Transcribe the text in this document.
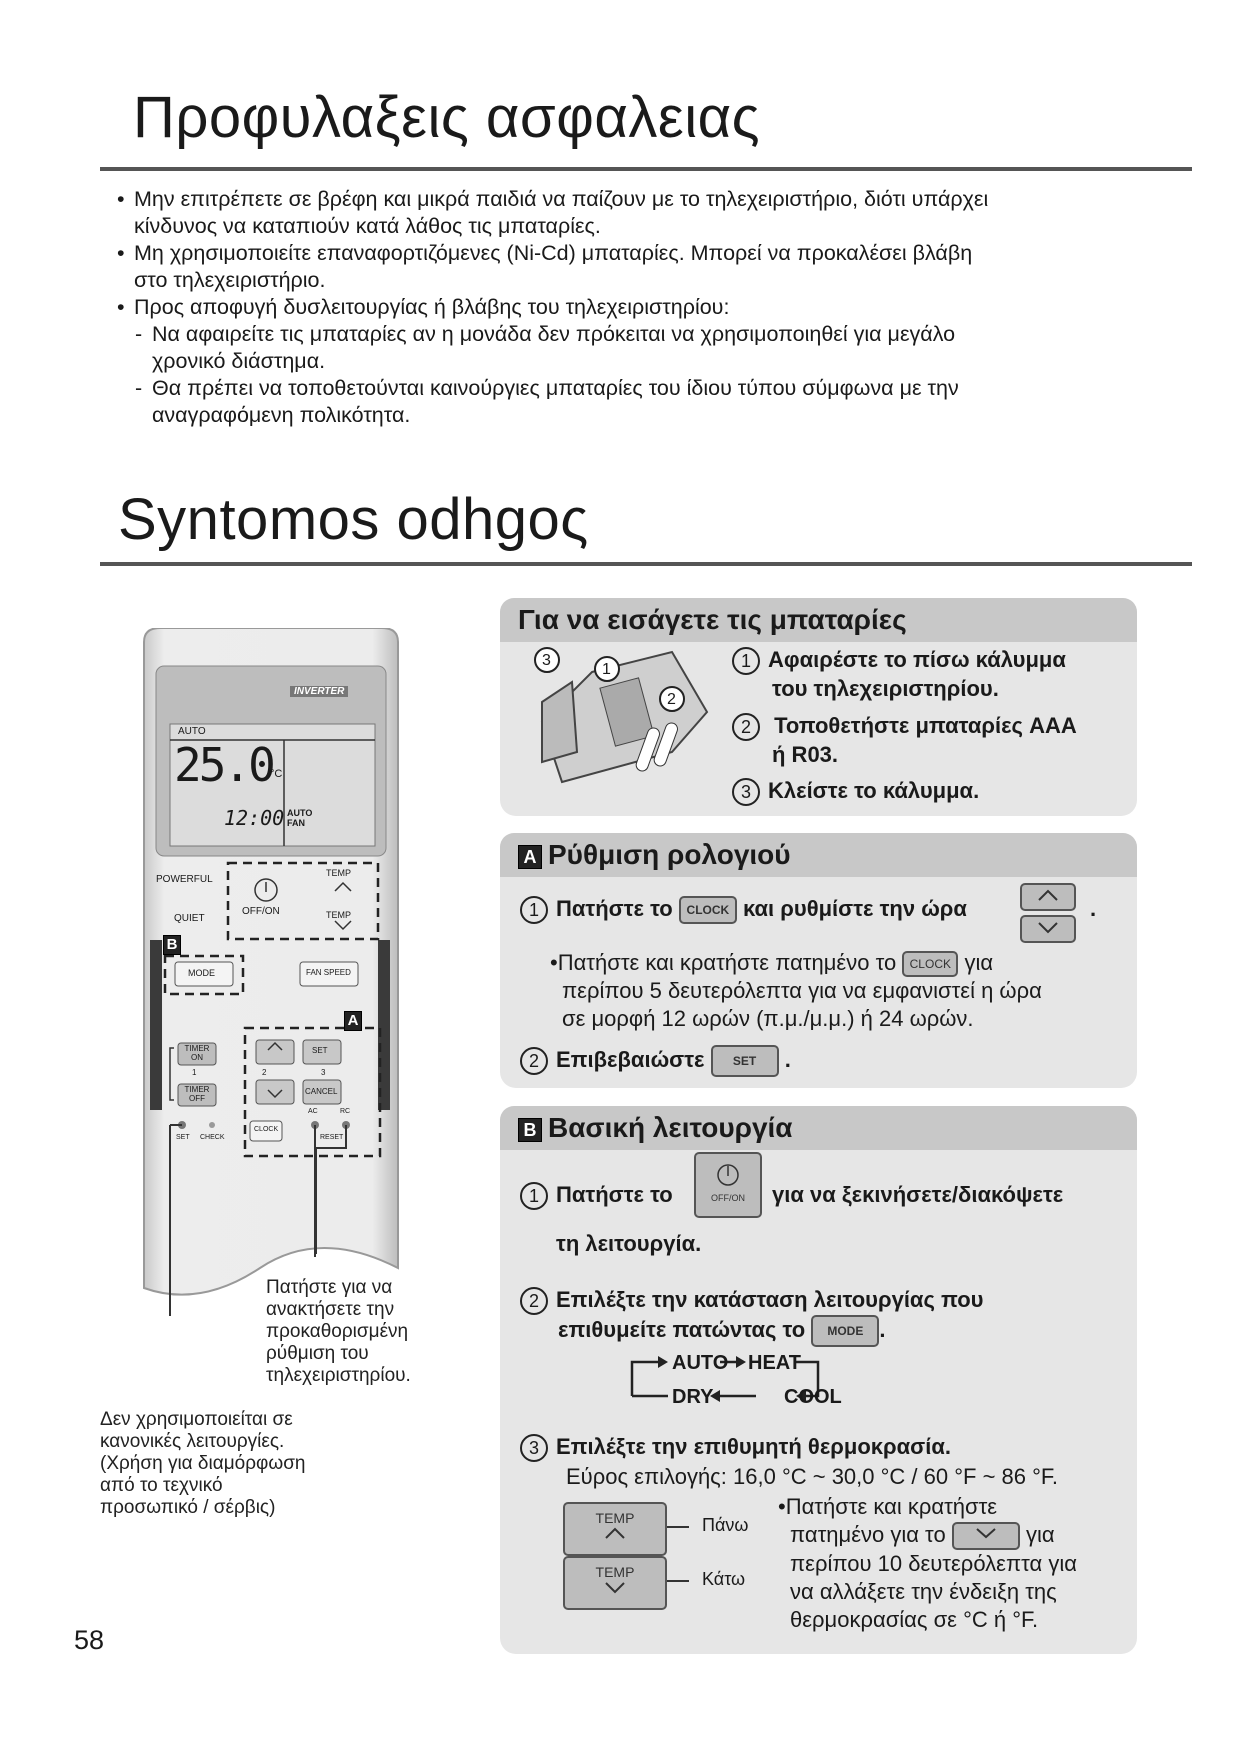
Προφυλαξεις ασφαλειας
• Μην επιτρέπετε σε βρέφη και μικρά παιδιά να παίζουν με το τηλεχειριστήριο, διότι υπάρχει
κίνδυνος να καταπιούν κατά λάθος τις μπαταρίες.
• Μη χρησιμοποιείτε επαναφορτιζόμενες (Ni-Cd) μπαταρίες. Μπορεί να προκαλέσει βλάβη
στο τηλεχειριστήριο.
• Προς αποφυγή δυσλειτουργίας ή βλάβης του τηλεχειριστηρίου:
- Να αφαιρείτε τις μπαταρίες αν η μονάδα δεν πρόκειται να χρησιμοποιηθεί για μεγάλο
χρονικό διάστημα.
- Θα πρέπει να τοποθετούνται καινούργιες μπαταρίες του ίδιου τύπου σύμφωνα με την
αναγραφόμενη πολικότητα.
Syntomos οdhgoς
INVERTER
AUTO
25.0
°C
12:00 AUTO FAN
POWERFUL
QUIET
OFF/ON
TEMP
TEMP
B
MODE	FAN SPEED
A
TIMER ON
TIMER OFF
1	2	3
SET
CANCEL
CLOCK
AC	RC
SET CHECK	RESET
Πατήστε για να
ανακτήσετε την
προκαθορισμένη
ρύθμιση του
τηλεχειριστηρίου.
Δεν χρησιμοποιείται σε
κανονικές λειτουργίες.
(Χρήση για διαμόρφωση
από το τεχνικό
προσωπικό / σέρβις)
Για να εισάγετε τις μπαταρίες
3
1
2
1 Αφαιρέστε το πίσω κάλυμμα
του τηλεχειριστηρίου.
2 Τοποθετήστε μπαταρίες AAA
ή R03.
3 Κλείστε το κάλυμμα.
A Ρύθμιση ρολογιού
1 Πατήστε το CLOCK και ρυθμίστε την ώρα	.
•Πατήστε και κρατήστε πατημένο το CLOCK για
περίπου 5 δευτερόλεπτα για να εμφανιστεί η ώρα
σε μορφή 12 ωρών (π.μ./μ.μ.) ή 24 ωρών.
2 Επιβεβαιώστε SET .
B Βασική λειτουργία
1 Πατήστε το	OFF/ON	για να ξεκινήσετε/διακόψετε
τη λειτουργία.
2 Επιλέξτε την κατάσταση λειτουργίας που
επιθυμείτε πατώντας το MODE .
AUTO HEAT
DRY	COOL
3 Επιλέξτε την επιθυμητή θερμοκρασία.
Εύρος επιλογής: 16,0 °C ~ 30,0 °C / 60 °F ~ 86 °F.
TEMP
TEMP
Πάνω
Κάτω
•Πατήστε και κρατήστε
πατημένο για το	για
περίπου 10 δευτερόλεπτα για
να αλλάξετε την ένδειξη της
θερμοκρασίας σε °C ή °F.
58
